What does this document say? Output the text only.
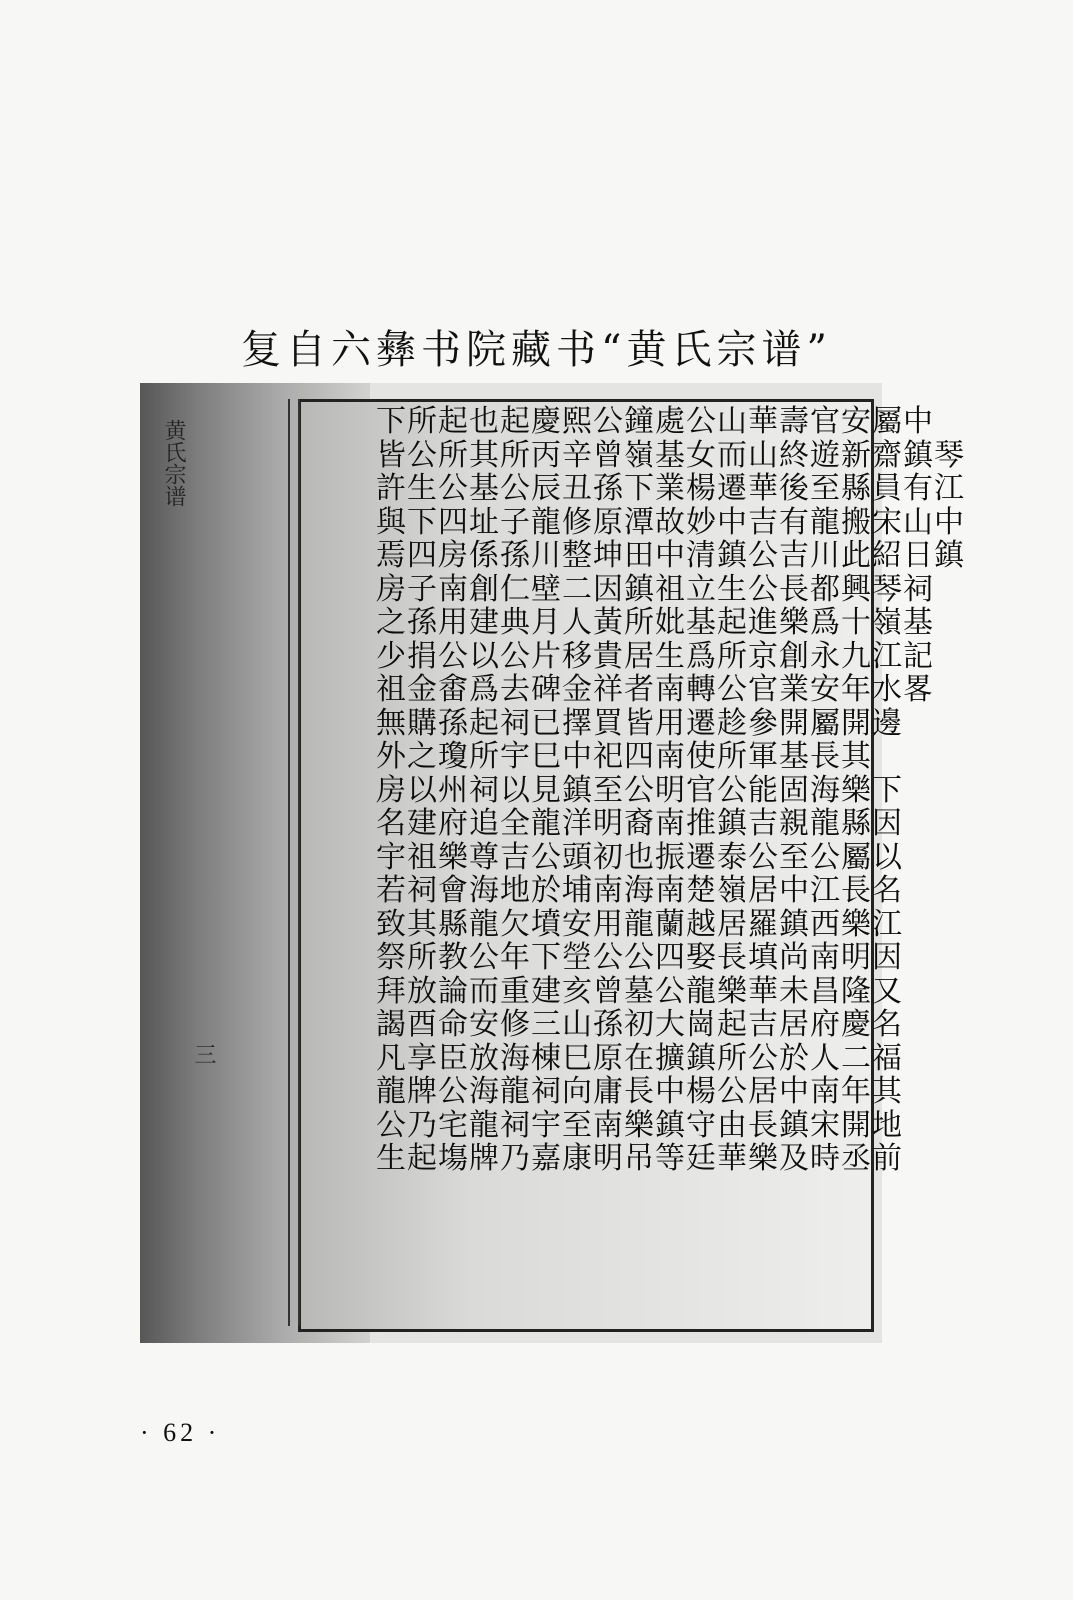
复自六彝书院藏书“黄氏宗谱”
黄氏宗谱
三
下所起也起慶熙公鐘處公山華壽官安屬中
皆公所其所丙辛曾嶺基女而山終遊新齋鎮琴
許生公基公辰丑孫下業楊遷華後至縣員有江
與下四址子龍修原潭故妙中吉有龍搬宋山中
焉四房係孫川整坤田中清鎮公吉川此紹日鎮
房子南創仁壁二因鎮祖立生公長都興琴祠
之孫用建典月人黃所妣基起進樂爲十嶺基
少捐公以公片移貴居生爲所京創永九江記
祖金畬爲去碑金祥者南轉公官業安年水畧
無購孫起祠已擇買皆用遷趁參開屬開邊
外之瓊所宇巳中祀四南使所軍基長其
房以州祠以見鎮至公明官公能固海樂下
名建府追全龍洋明裔南推鎮吉親龍縣因
宇祖樂尊吉公頭初也振遷泰公至公屬以
若祠會海地於埔南海南楚嶺居中江長名
致其縣龍欠墳安用龍蘭越居羅鎮西樂江
祭所教公年下塋公公四娶長填尚南明因
拜放論而重建亥曾墓公龍樂華未昌隆又
謁酉命安修三山孫初大崗起吉居府慶名
凡享臣放海棟巳原在擴鎮所公於人二福
龍牌公海龍祠向庸長中楊公居中南年其
公乃宅龍祠宇至南樂鎮守由長鎮宋開地
生起塲牌乃嘉康明吊等廷華樂及時丞前
· 62 ·
